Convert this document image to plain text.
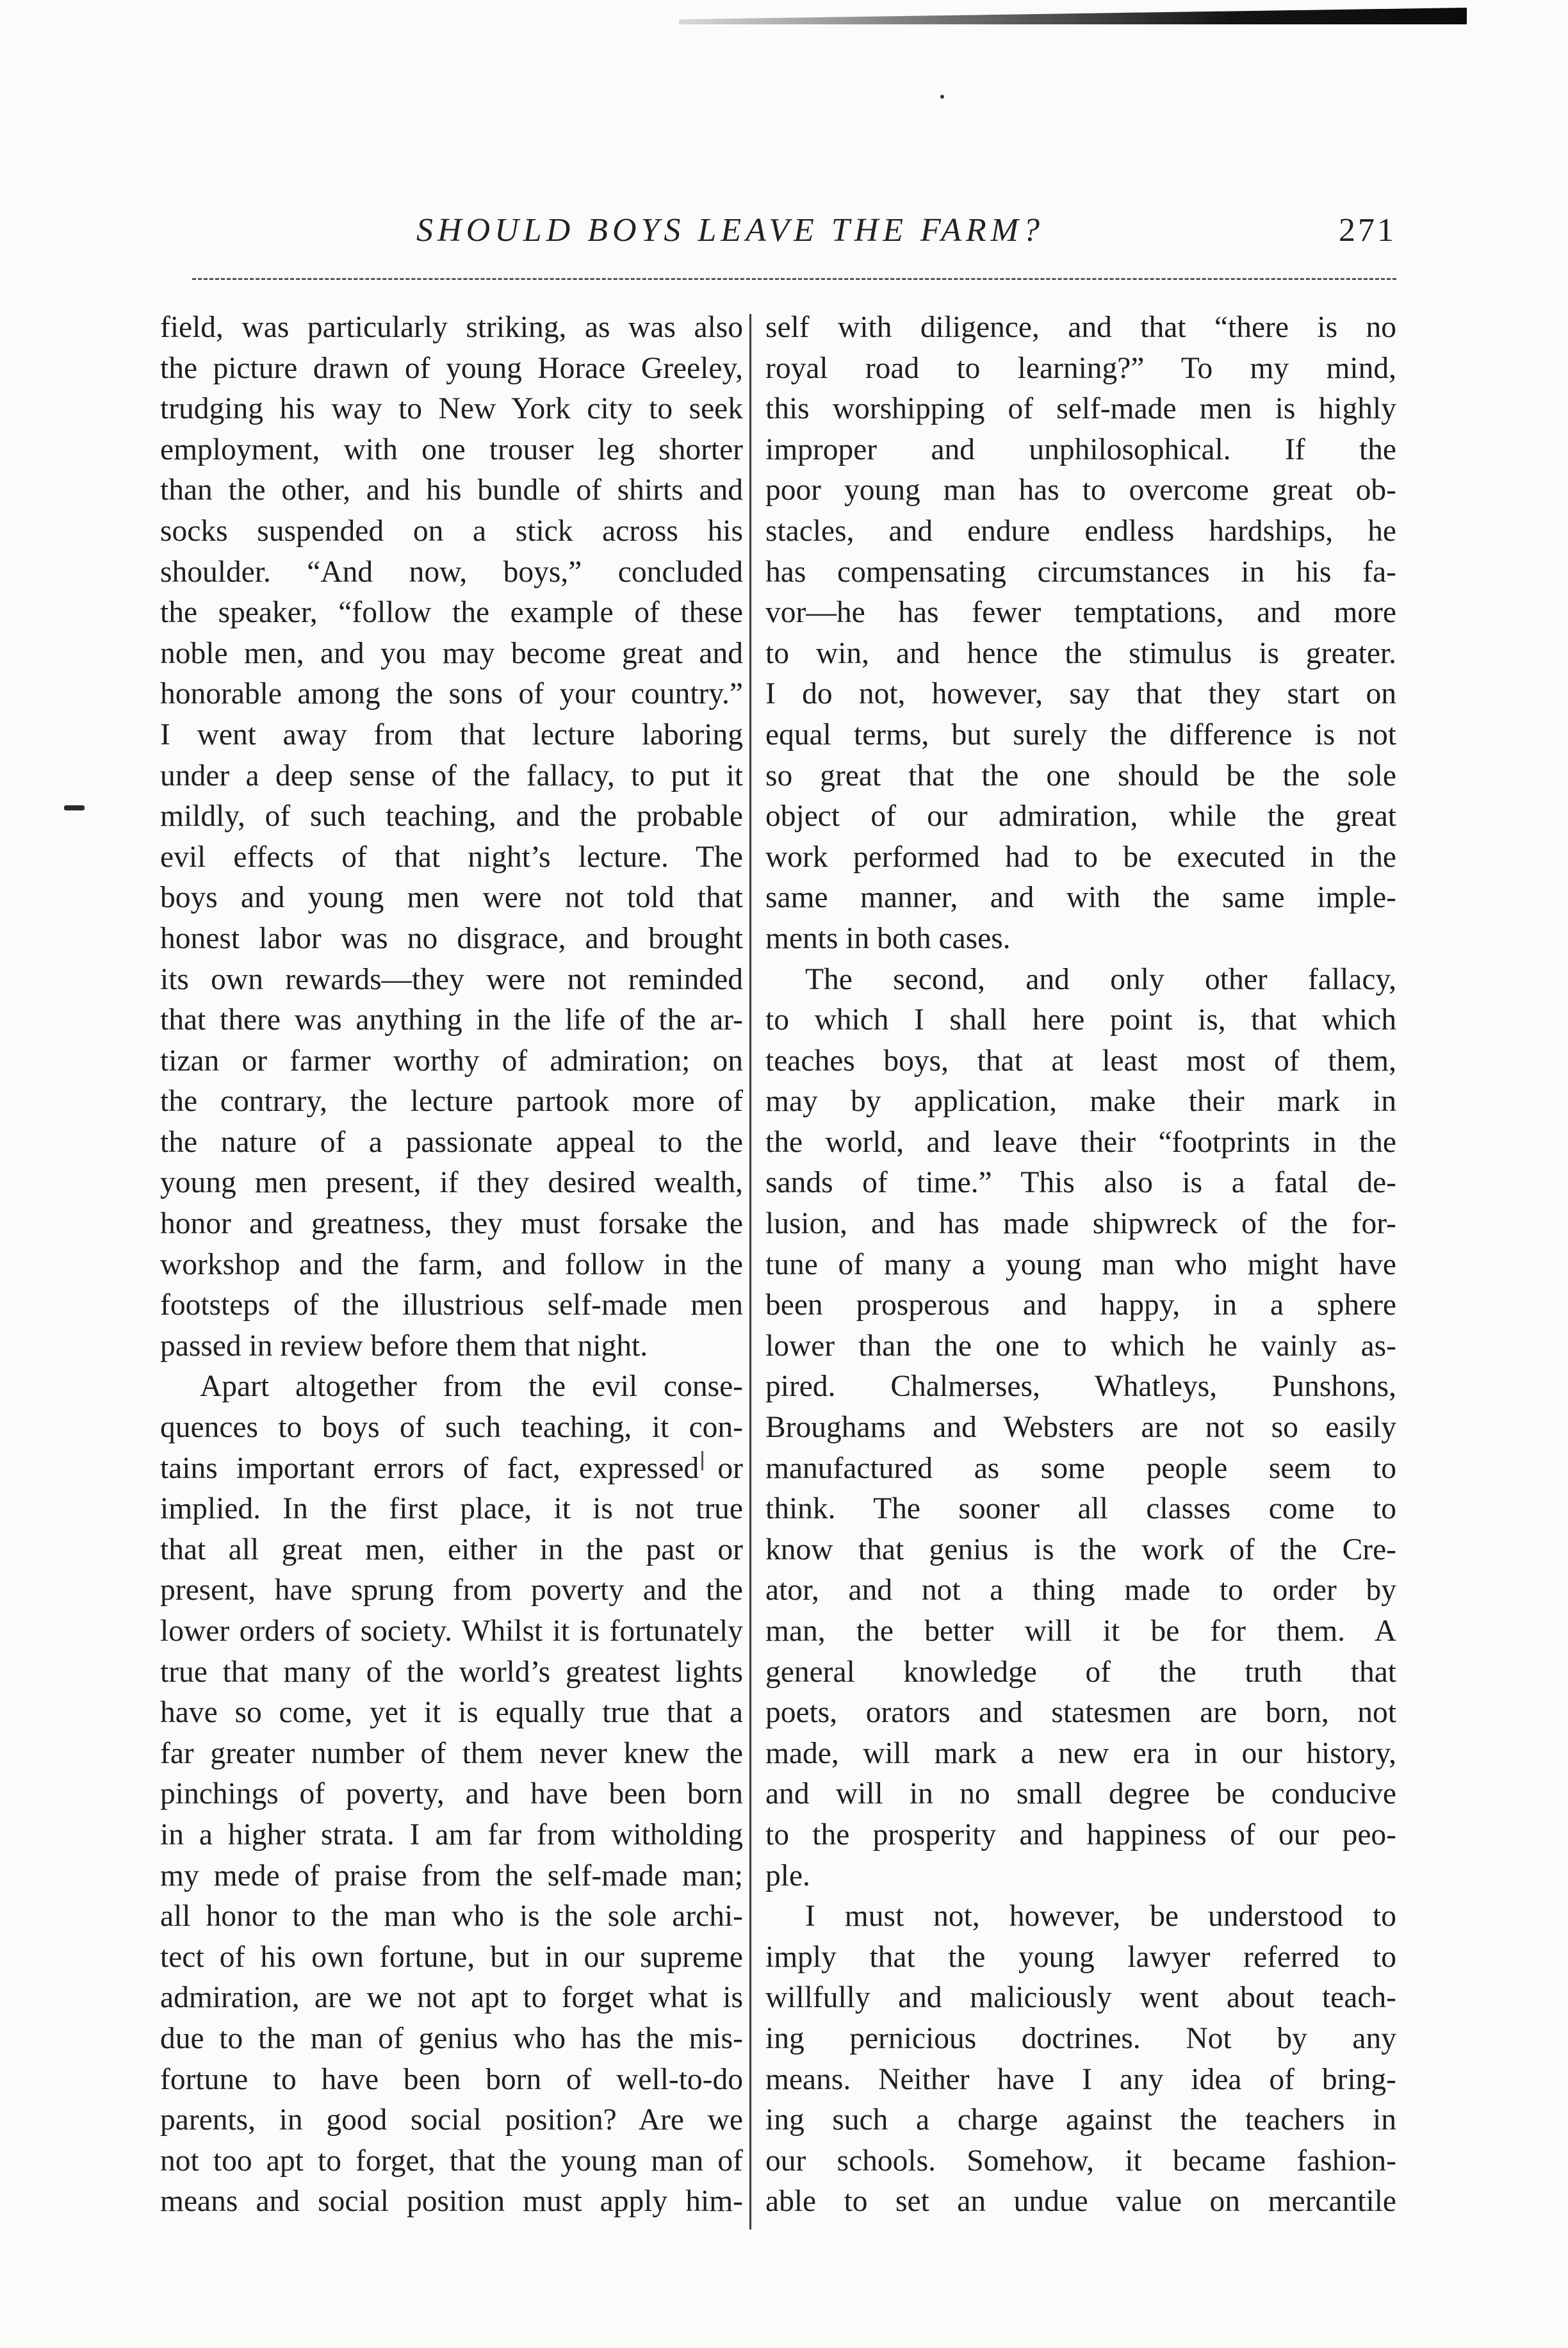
SHOULD BOYS LEAVE THE FARM?	271

field, was particularly striking, as was also

the picture drawn of young Horace Greeley,

trudging his way to New York city to seek

employment, with one trouser leg shorter

than the other, and his bundle of shirts and

socks suspended on a stick across his

shoulder. “And now, boys,” concluded

the speaker, “follow the example of these

noble men, and you may become great and

honorable among the sons of your country.”

I went away from that lecture laboring

under a deep sense of the fallacy, to put it

mildly, of such teaching, and the probable

evil effects of that night’s lecture. The

boys and young men were not told that

honest labor was no disgrace, and brought

its own rewards—they were not reminded

that there was anything in the life of the ar-

tizan or farmer worthy of admiration; on

the contrary, the lecture partook more of

the nature of a passionate appeal to the

young men present, if they desired wealth,

honor and greatness, they must forsake the

workshop and the farm, and follow in the

footsteps of the illustrious self-made men

passed in review before them that night.

Apart altogether from the evil conse-

quences to boys of such teaching, it con-

tains important errors of fact, expressed or

implied. In the first place, it is not true

that all great men, either in the past or

present, have sprung from poverty and the

lower orders of society. Whilst it is fortunately

true that many of the world’s greatest lights

have so come, yet it is equally true that a

far greater number of them never knew the

pinchings of poverty, and have been born

in a higher strata. I am far from witholding

my mede of praise from the self-made man;

all honor to the man who is the sole archi-

tect of his own fortune, but in our supreme

admiration, are we not apt to forget what is

due to the man of genius who has the mis-

fortune to have been born of well-to-do

parents, in good social position? Are we

not too apt to forget, that the young man of

means and social position must apply him-

self with diligence, and that “there is no

royal road to learning?” To my mind,

this worshipping of self-made men is highly

improper and unphilosophical. If the

poor young man has to overcome great ob-

stacles, and endure endless hardships, he

has compensating circumstances in his fa-

vor—he has fewer temptations, and more

to win, and hence the stimulus is greater.

I do not, however, say that they start on

equal terms, but surely the difference is not

so great that the one should be the sole

object of our admiration, while the great

work performed had to be executed in the

same manner, and with the same imple-

ments in both cases.

The second, and only other fallacy,

to which I shall here point is, that which

teaches boys, that at least most of them,

may by application, make their mark in

the world, and leave their “footprints in the

sands of time.” This also is a fatal de-

lusion, and has made shipwreck of the for-

tune of many a young man who might have

been prosperous and happy, in a sphere

lower than the one to which he vainly as-

pired. Chalmerses, Whatleys, Punshons,

Broughams and Websters are not so easily

manufactured as some people seem to

think. The sooner all classes come to

know that genius is the work of the Cre-

ator, and not a thing made to order by

man, the better will it be for them. A

general knowledge of the truth that

poets, orators and statesmen are born, not

made, will mark a new era in our history,

and will in no small degree be conducive

to the prosperity and happiness of our peo-

ple.

I must not, however, be understood to

imply that the young lawyer referred to

willfully and maliciously went about teach-

ing pernicious doctrines. Not by any

means. Neither have I any idea of bring-

ing such a charge against the teachers in

our schools. Somehow, it became fashion-

able to set an undue value on mercantile
